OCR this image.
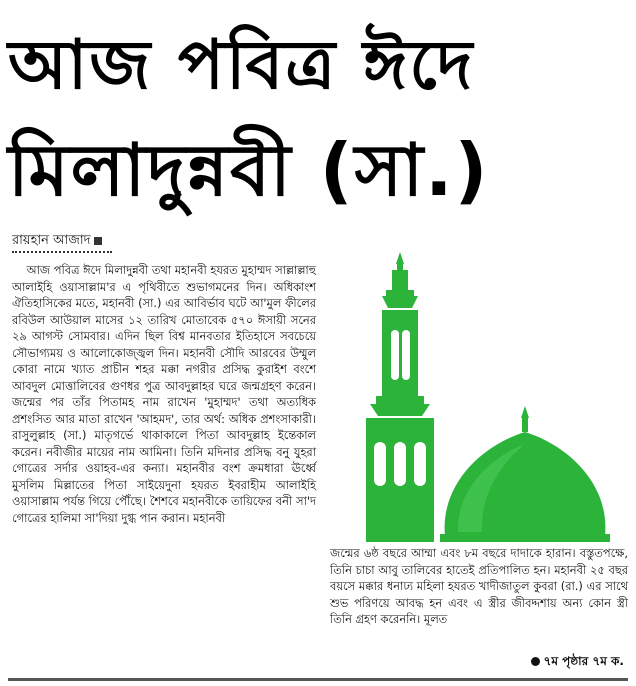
আজ পবিত্র ঈদে
মিলাদুন্নবী (সা.)
রায়হান আজাদ
আজ পবিত্র ঈদে মিলাদুন্নবী তথা মহানবী হযরত মুহাম্মদ সাল্লাল্লাহু আলাইহি ওয়াসাল্লাম'র এ পৃথিবীতে শুভাগমনের দিন। অধিকাংশ ঐতিহাসিকের মতে, মহানবী (সা.) এর আবির্ভাব ঘটে আ'মুল ফীলের রবিউল আউয়াল মাসের ১২ তারিখ মোতাবেক ৫৭০ ঈসায়ী সনের ২৯ আগস্ট সোমবার। এদিন ছিল বিশ্ব মানবতার ইতিহাসে সবচেয়ে সৌভাগ্যময় ও আলোকোজ্জ্বল দিন। মহানবী সৌদি আরবের উম্মুল কোরা নামে খ্যাত প্রাচীন শহর মক্কা নগরীর প্রসিদ্ধ কুরাইশ বংশে আবদুল মোত্তালিবের গুণধর পুত্র আবদুল্লাহর ঘরে জন্মগ্রহণ করেন। জন্মের পর তাঁর পিতামহ নাম রাখেন 'মুহাম্মদ' তথা অত্যধিক প্রশংসিত আর মাতা রাখেন 'আহমদ', তার অর্থ: অধিক প্রশংসাকারী। রাসুলুল্লাহ (সা.) মাতৃগর্ভে থাকাকালে পিতা আবদুল্লাহ ইন্তেকাল করেন। নবীজীর মায়ের নাম আমিনা। তিনি মদিনার প্রসিদ্ধ বনু যুহরা গোত্রের সর্দার ওয়াহব-এর কন্যা। মহানবীর বংশ ক্রমধারা ঊর্ধ্বে মুসলিম মিল্লাতের পিতা সাইয়েদুনা হযরত ইবরাহীম আলাইহি ওয়াসাল্লাম পর্যন্ত গিয়ে পৌঁছে। শৈশবে মহানবীকে তায়িফের বনী সা'দ গোত্রের হালিমা সা'দিয়া দুগ্ধ পান করান। মহানবী
জন্মের ৬ষ্ঠ বছরে আম্মা এবং ৮ম বছরে দাদাকে হারান। বস্তুতপক্ষে, তিনি চাচা আবু তালিবের হাতেই প্রতিপালিত হন। মহানবী ২৫ বছর বয়সে মক্কার ধনাঢ্য মহিলা হযরত খাদীজাতুল কুবরা (রা.) এর সাথে শুভ পরিণয়ে আবদ্ধ হন এবং এ স্ত্রীর জীবদ্দশায় অন্য কোন স্ত্রী তিনি গ্রহণ করেননি। মূলত
৭ম পৃষ্ঠার ৭ম ক.
